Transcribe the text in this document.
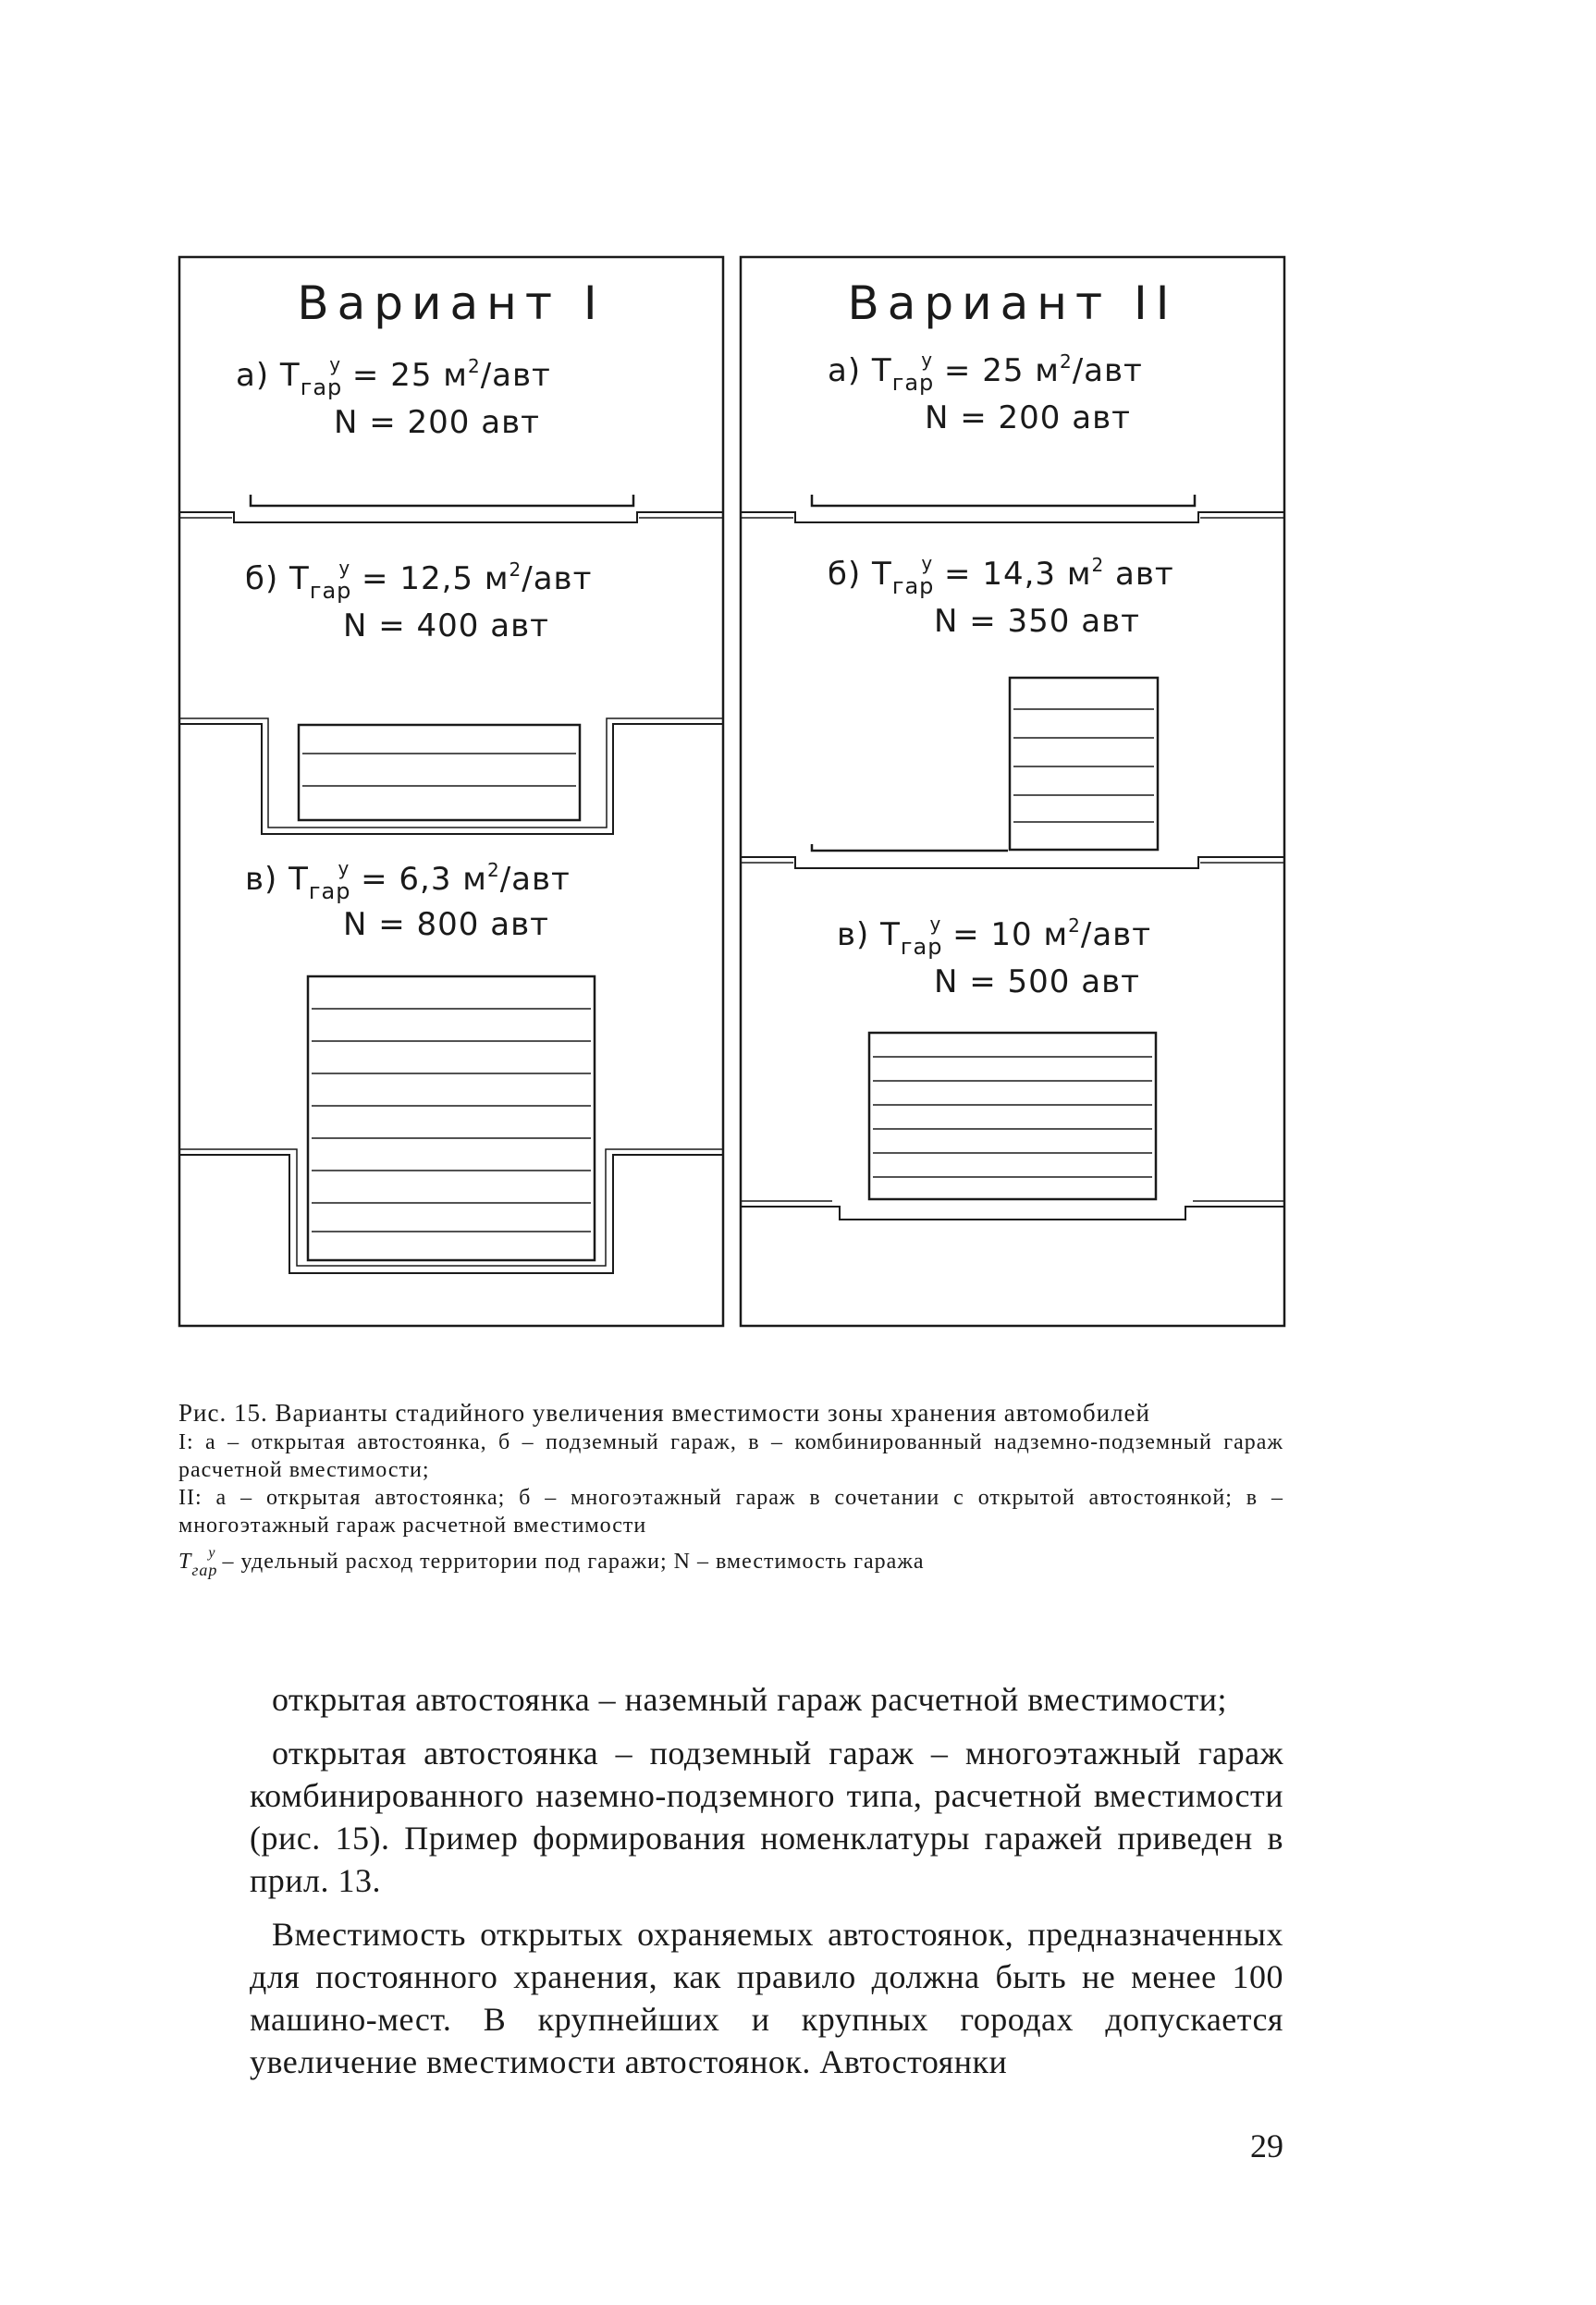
Вариант I
а) $T_{гар}^у = 25$ $м^2$/авт
N = 200 авт
б) $T_{гар}^у = 12,5$ $м^2$/авт
N = 400 авт
в) $T_{гар}^у = 6,3$ $м^2$/авт
N = 800 авт
Вариант II
а) $T_{гар}^у = 25$ $м^2$/авт
N = 200 авт
б) $T_{гар}^у = 14,3$ $м^2$ авт
N = 350 авт
в) $T_{гар}^у = 10$ $м^2$/авт
N = 500 авт

Рис. 15. Варианты стадийного увеличения вместимости зоны хранения автомобилей

I: а – открытая автостоянка, б – подземный гараж, в – комбинированный надземно-подземный гараж расчетной вместимости;

II: а – открытая автостоянка; б – многоэтажный гараж в сочетании с открытой автостоянкой; в – многоэтажный гараж расчетной вместимости

$T_{гар}^у$ – удельный расход территории под гаражи; N – вместимость гаража

открытая автостоянка – наземный гараж расчетной вместимости;

открытая автостоянка – подземный гараж – многоэтажный гараж комбинированного наземно-подземного типа, расчетной вместимости (рис. 15). Пример формирования номенклатуры гаражей приведен в прил. 13.

Вместимость открытых охраняемых автостоянок, предназначенных для постоянного хранения, как правило должна быть не менее 100 машино-мест. В крупнейших и крупных городах допускается увеличение вместимости автостоянок. Автостоянки

29
